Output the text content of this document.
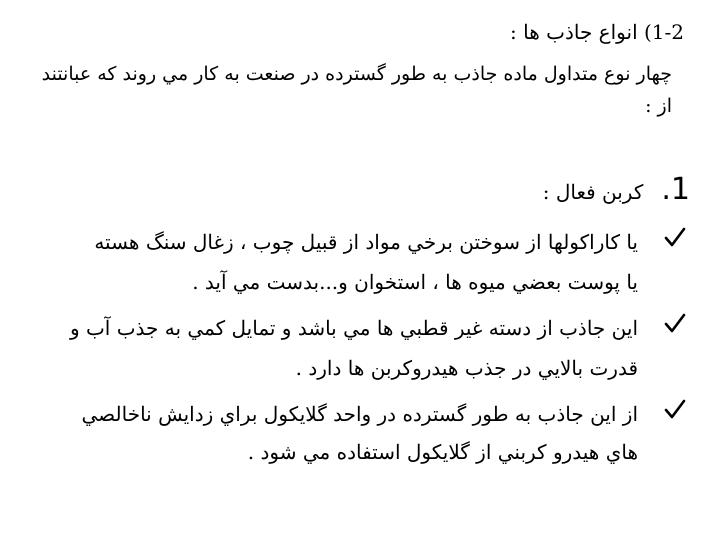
1-2) انواع جاذب ها :
چهار نوع متداول ماده جاذب به طور گسترده در صنعت به كار مي روند كه عبانتند
از :
1.
كربن فعال :
يا كاراكولها از سوختن برخي مواد از قبيل چوب ، زغال سنگ هسته
يا پوست بعضي ميوه ها ، استخوان و...بدست مي آيد .
اين جاذب از دسته غير قطبي ها مي باشد و تمايل كمي به جذب آب و
قدرت بالايي در جذب هيدروكربن ها دارد .
از اين جاذب به طور گسترده در واحد گلايكول براي زدايش ناخالصي
هاي هيدرو كربني از گلايكول استفاده مي شود .
